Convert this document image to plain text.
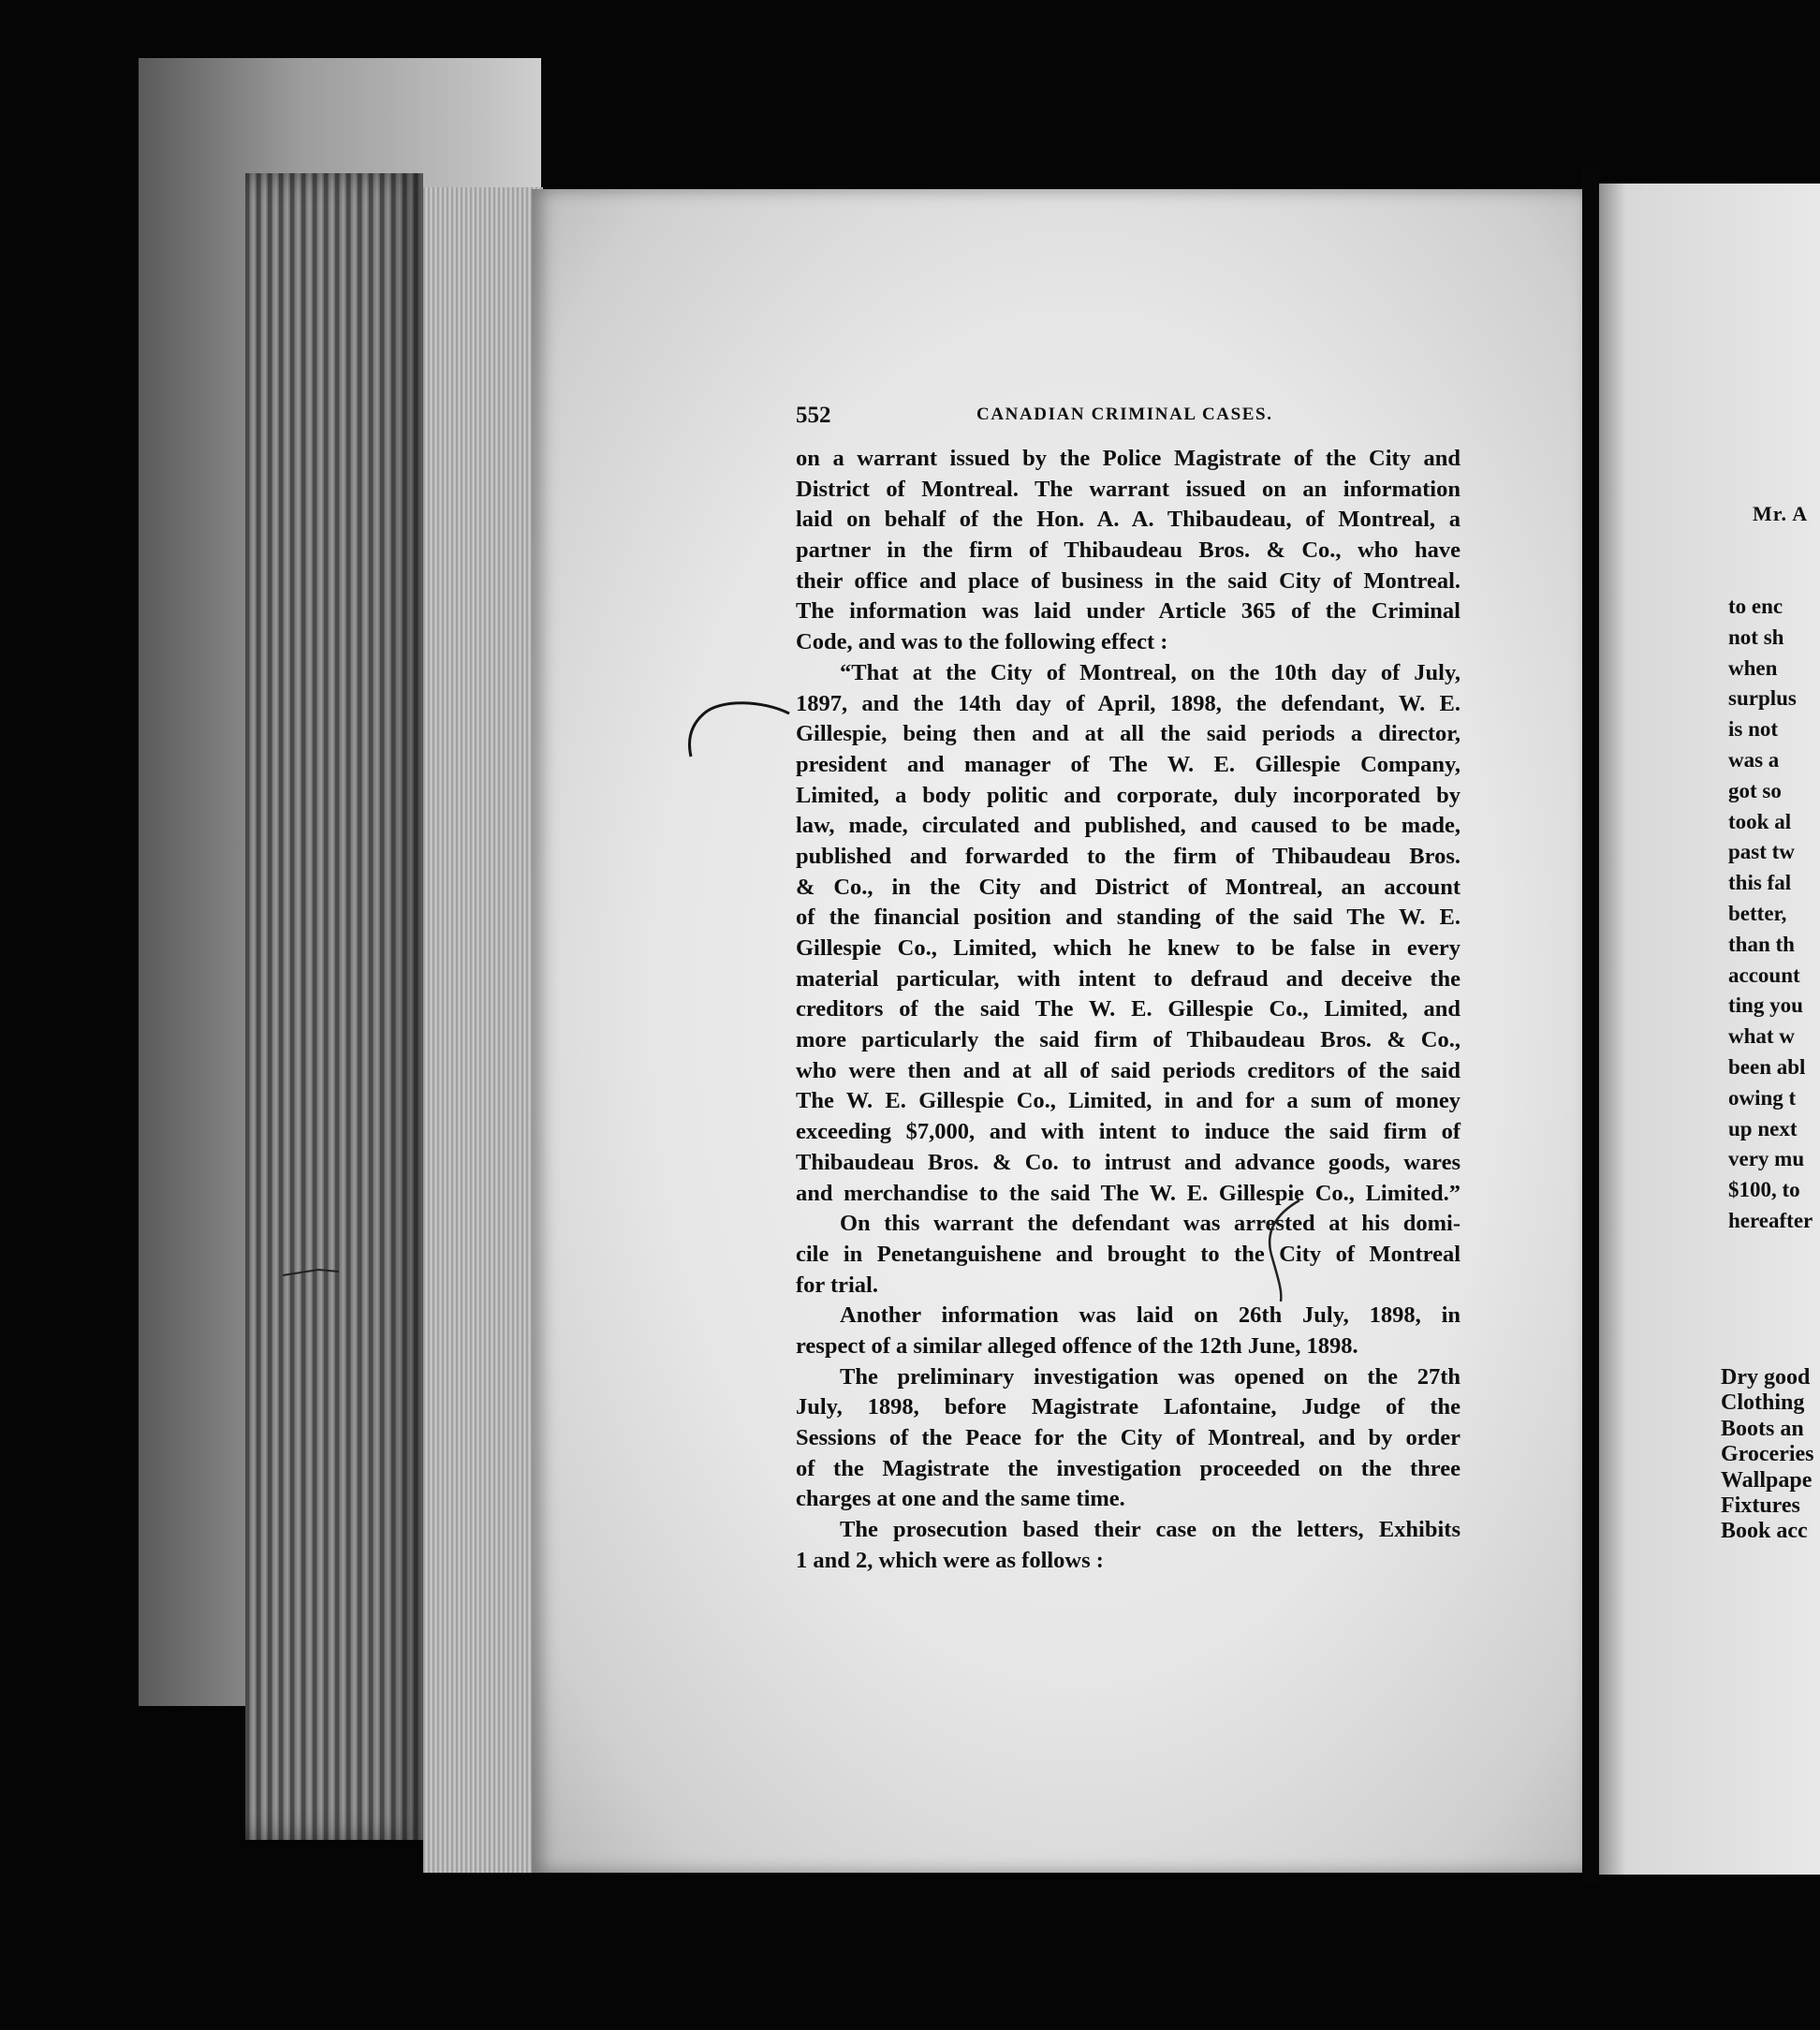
552	CANADIAN CRIMINAL CASES.
on a warrant issued by the Police Magistrate of the City and
District of Montreal. The warrant issued on an information
laid on behalf of the Hon. A. A. Thibaudeau, of Montreal, a
partner in the firm of Thibaudeau Bros. & Co., who have
their office and place of business in the said City of Montreal.
The information was laid under Article 365 of the Criminal
Code, and was to the following effect :
“That at the City of Montreal, on the 10th day of July,
1897, and the 14th day of April, 1898, the defendant, W. E.
Gillespie, being then and at all the said periods a director,
president and manager of The W. E. Gillespie Company,
Limited, a body politic and corporate, duly incorporated by
law, made, circulated and published, and caused to be made,
published and forwarded to the firm of Thibaudeau Bros.
& Co., in the City and District of Montreal, an account
of the financial position and standing of the said The W. E.
Gillespie Co., Limited, which he knew to be false in every
material particular, with intent to defraud and deceive the
creditors of the said The W. E. Gillespie Co., Limited, and
more particularly the said firm of Thibaudeau Bros. & Co.,
who were then and at all of said periods creditors of the said
The W. E. Gillespie Co., Limited, in and for a sum of money
exceeding $7,000, and with intent to induce the said firm of
Thibaudeau Bros. & Co. to intrust and advance goods, wares
and merchandise to the said The W. E. Gillespie Co., Limited.”
On this warrant the defendant was arrested at his domi-
cile in Penetanguishene and brought to the City of Montreal
for trial.
Another information was laid on 26th July, 1898, in
respect of a similar alleged offence of the 12th June, 1898.
The preliminary investigation was opened on the 27th
July, 1898, before Magistrate Lafontaine, Judge of the
Sessions of the Peace for the City of Montreal, and by order
of the Magistrate the investigation proceeded on the three
charges at one and the same time.
The prosecution based their case on the letters, Exhibits
1 and 2, which were as follows :
Mr. A
to enc
not sh
when
surplus
is not
was a
got so
took al
past tw
this fal
better,
than th
account
ting you
what w
been abl
owing t
up next
very mu
$100, to
hereafter
Dry good
Clothing
Boots an
Groceries
Wallpape
Fixtures
Book acc
